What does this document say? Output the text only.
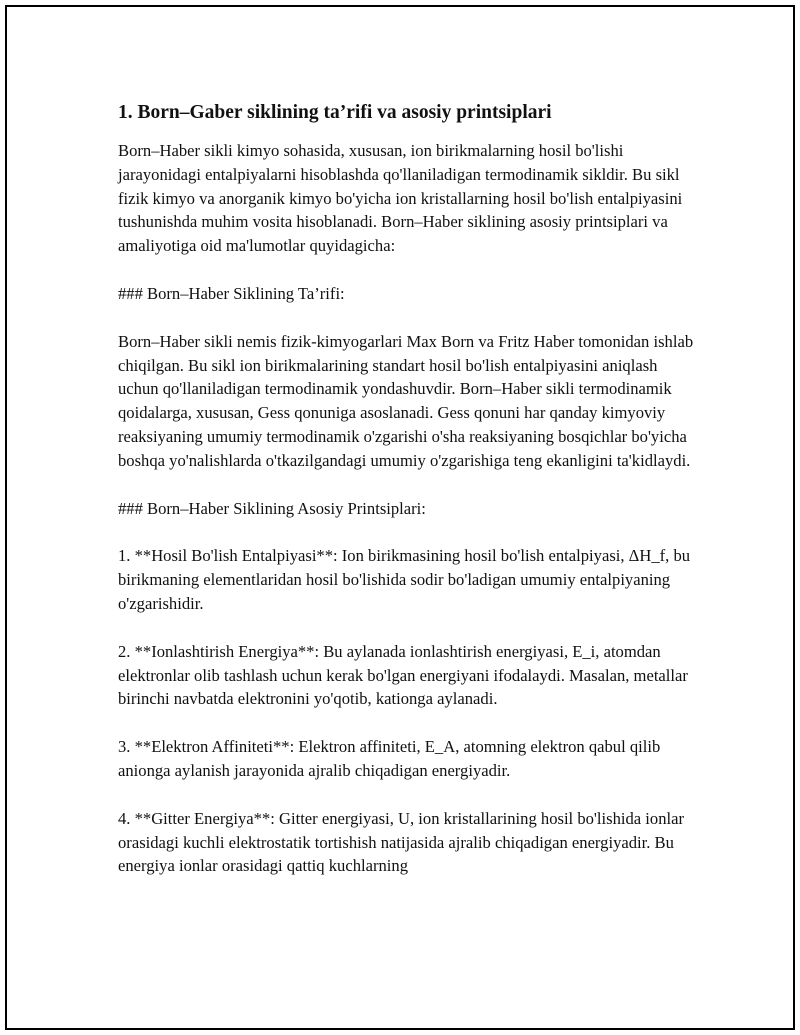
1. Born–Gaber siklining ta’rifi va asosiy printsiplari

Born–Haber sikli kimyo sohasida, xususan, ion birikmalarning hosil bo'lishi jarayonidagi entalpiyalarni hisoblashda qo'llaniladigan termodinamik sikldir. Bu sikl fizik kimyo va anorganik kimyo bo'yicha ion kristallarning hosil bo'lish entalpiyasini tushunishda muhim vosita hisoblanadi. Born–Haber siklining asosiy printsiplari va amaliyotiga oid ma'lumotlar quyidagicha:

### Born–Haber Siklining Ta’rifi:

Born–Haber sikli nemis fizik-kimyogarlari Max Born va Fritz Haber tomonidan ishlab chiqilgan. Bu sikl ion birikmalarining standart hosil bo'lish entalpiyasini aniqlash uchun qo'llaniladigan termodinamik yondashuvdir. Born–Haber sikli termodinamik qoidalarga, xususan, Gess qonuniga asoslanadi. Gess qonuni har qanday kimyoviy reaksiyaning umumiy termodinamik o'zgarishi o'sha reaksiyaning bosqichlar bo'yicha boshqa yo'nalishlarda o'tkazilgandagi umumiy o'zgarishiga teng ekanligini ta'kidlaydi.

### Born–Haber Siklining Asosiy Printsiplari:

1. **Hosil Bo'lish Entalpiyasi**: Ion birikmasining hosil bo'lish entalpiyasi, ΔH_f, bu birikmaning elementlaridan hosil bo'lishida sodir bo'ladigan umumiy entalpiyaning o'zgarishidir.

2. **Ionlashtirish Energiya**: Bu aylanada ionlashtirish energiyasi, E_i, atomdan elektronlar olib tashlash uchun kerak bo'lgan energiyani ifodalaydi. Masalan, metallar birinchi navbatda elektronini yo'qotib, kationga aylanadi.

3. **Elektron Affiniteti**: Elektron affiniteti, E_A, atomning elektron qabul qilib anionga aylanish jarayonida ajralib chiqadigan energiyadir.

4. **Gitter Energiya**: Gitter energiyasi, U, ion kristallarining hosil bo'lishida ionlar orasidagi kuchli elektrostatik tortishish natijasida ajralib chiqadigan energiyadir. Bu energiya ionlar orasidagi qattiq kuchlarning
